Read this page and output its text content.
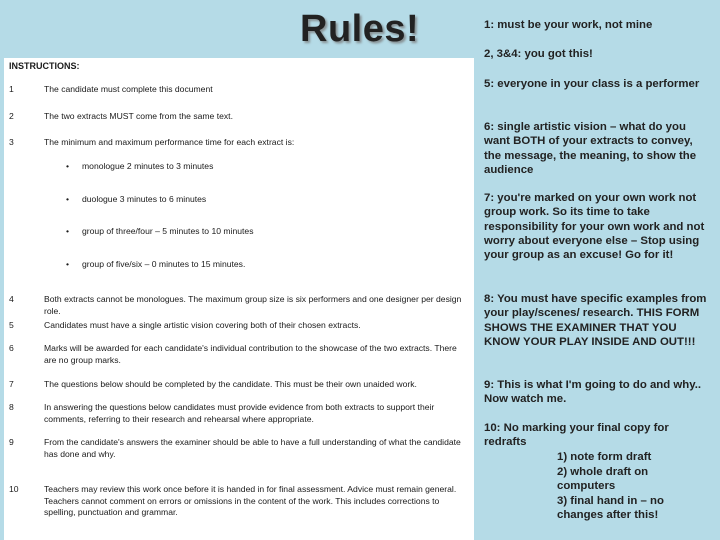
Rules!
INSTRUCTIONS:
1	The candidate must complete this document
2	The two extracts MUST come from the same text.
3	The minimum and maximum performance time for each extract is:
• monologue 2 minutes to 3 minutes
• duologue 3 minutes to 6 minutes
• group of three/four – 5 minutes to 10 minutes
• group of five/six – 0 minutes to 15 minutes.
4	Both extracts cannot be monologues. The maximum group size is six performers and one designer per design role.
5	Candidates must have a single artistic vision covering both of their chosen extracts.
6	Marks will be awarded for each candidate's individual contribution to the showcase of the two extracts. There are no group marks.
7	The questions below should be completed by the candidate. This must be their own unaided work.
8	In answering the questions below candidates must provide evidence from both extracts to support their comments, referring to their research and rehearsal where appropriate.
9	From the candidate's answers the examiner should be able to have a full understanding of what the candidate has done and why.
10	Teachers may review this work once before it is handed in for final assessment. Advice must remain general. Teachers cannot comment on errors or omissions in the content of the work. This includes corrections to spelling, punctuation and grammar.
1: must be your work, not mine
2, 3&4: you got this!
5: everyone in your class is a performer
6: single artistic vision – what do you want BOTH of your extracts to convey, the message, the meaning, to show the audience
7: you're marked on your own work not group work. So its time to take responsibility for your own work and not worry about everyone else – Stop using your group as an excuse! Go for it!
8: You must have specific examples from your play/scenes/ research. THIS FORM SHOWS THE EXAMINER THAT YOU KNOW YOUR PLAY INSIDE AND OUT!!!
9: This is what I'm going to do and why.. Now watch me.
10: No marking your final copy for redrafts
1) note form draft
2) whole draft on computers
3) final hand in – no changes after this!
